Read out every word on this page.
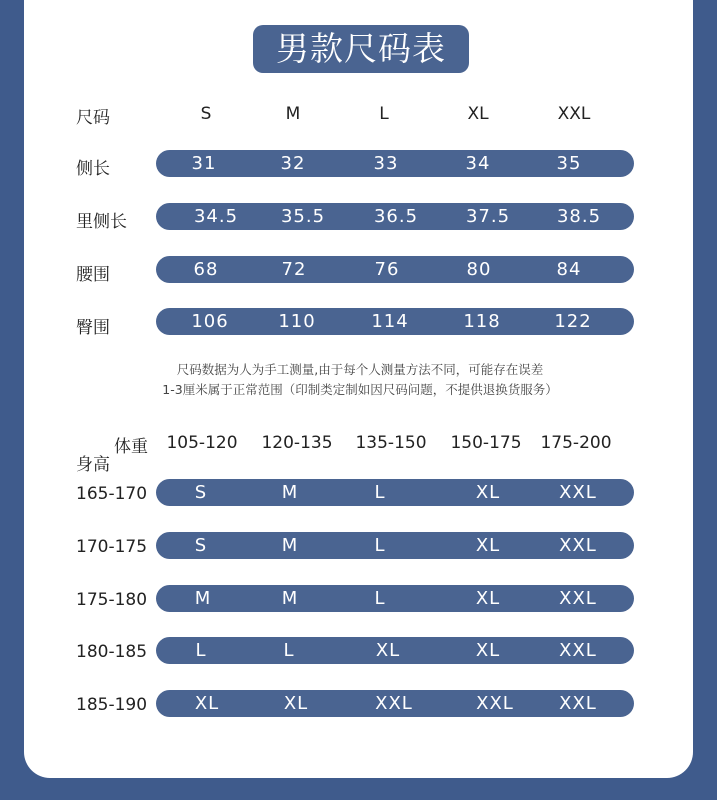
男款尺码表
尺码	S	M	L	XL	XXL
侧长	31	32	33	34	35
里侧长	34.5	35.5	36.5	37.5	38.5
腰围	68	72	76	80	84
臀围	106	110	114	118	122
尺码数据为人为手工测量,由于每个人测量方法不同，可能存在误差
1-3厘米属于正常范围（印制类定制如因尺码问题，不提供退换货服务）
体重
身高
105-120	120-135	135-150	150-175	175-200
165-170	S	M	L	XL	XXL
170-175	S	M	L	XL	XXL
175-180	M	M	L	XL	XXL
180-185	L	L	XL	XL	XXL
185-190	XL	XL	XXL	XXL	XXL
